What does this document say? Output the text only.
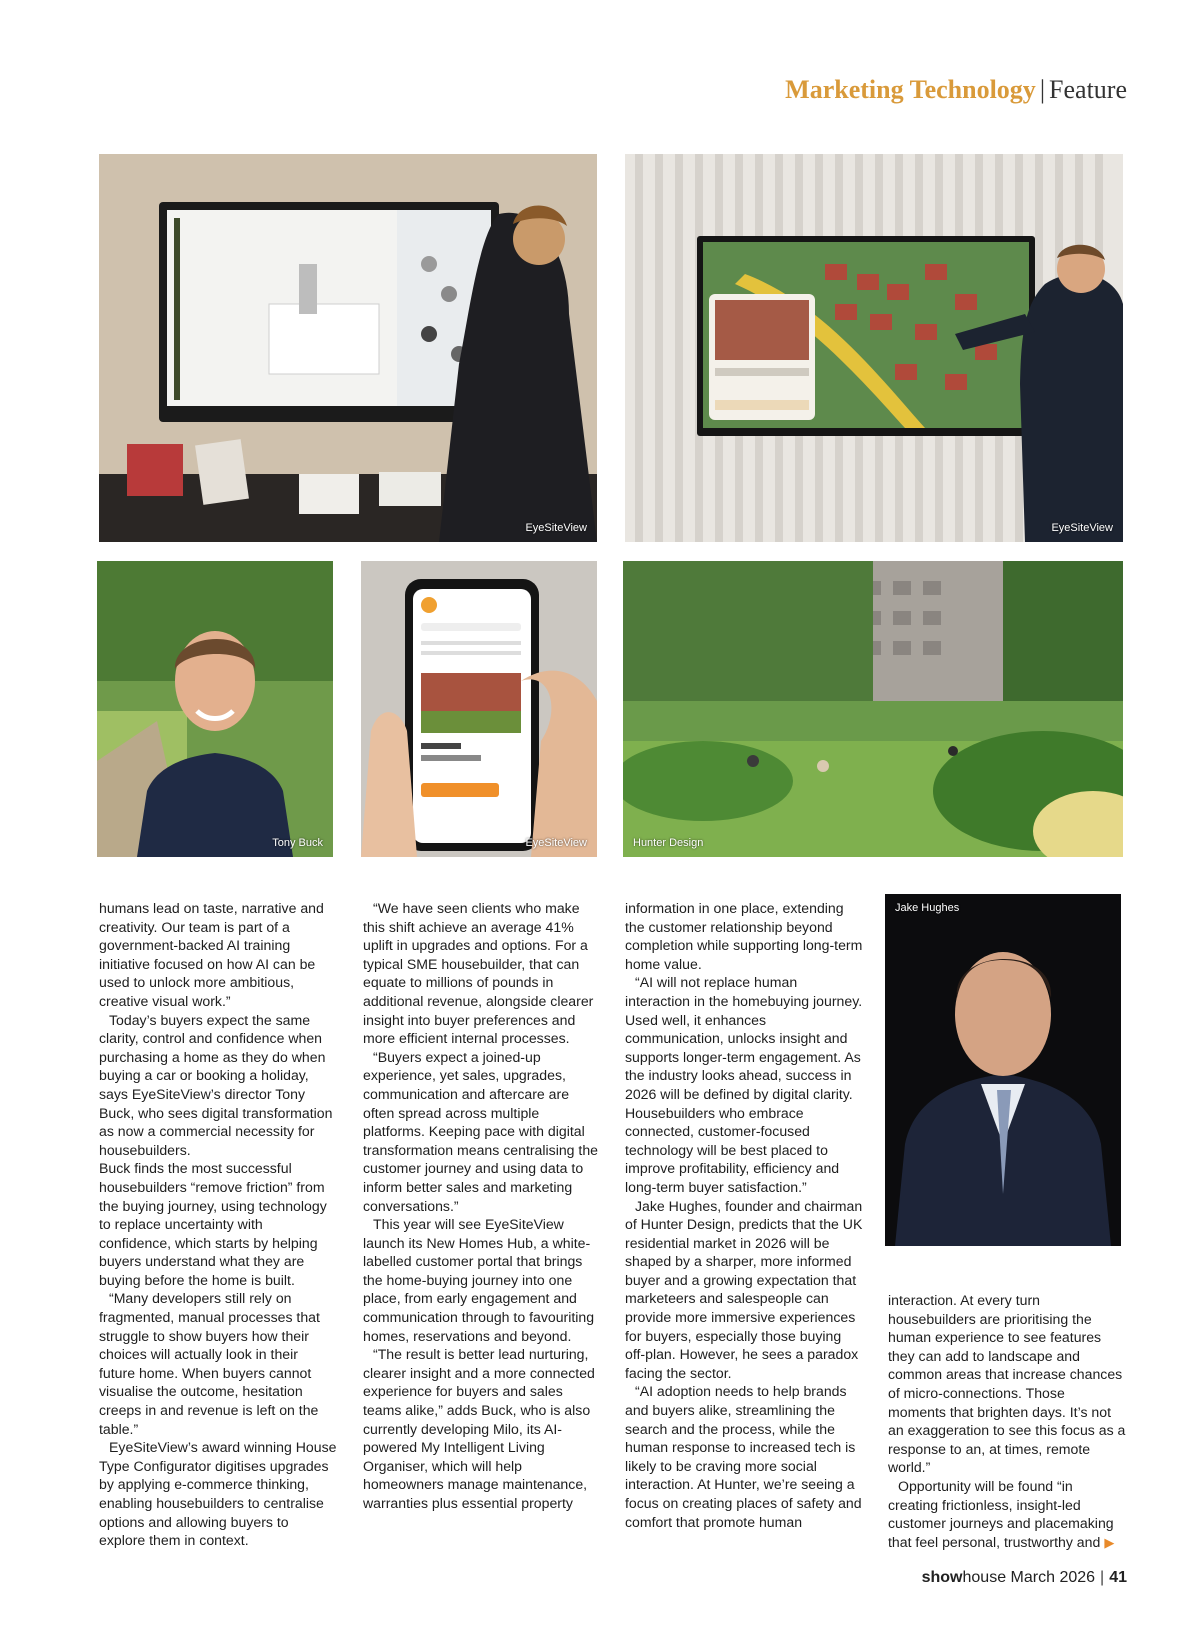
Marketing Technology | Feature
EyeSiteView	EyeSiteView
Tony Buck	EyeSiteView	Hunter Design
Jake Hughes

humans lead on taste, narrative and creativity. Our team is part of a government-backed AI training initiative focused on how AI can be used to unlock more ambitious, creative visual work.”

Today’s buyers expect the same clarity, control and confidence when purchasing a home as they do when buying a car or booking a holiday, says EyeSiteView’s director Tony Buck, who sees digital transformation as now a commercial necessity for housebuilders.

Buck finds the most successful housebuilders “remove friction” from the buying journey, using technology to replace uncertainty with confidence, which starts by helping buyers understand what they are buying before the home is built.

“Many developers still rely on fragmented, manual processes that struggle to show buyers how their choices will actually look in their future home. When buyers cannot visualise the outcome, hesitation creeps in and revenue is left on the table.”

EyeSiteView’s award winning House Type Configurator digitises upgrades by applying e-commerce thinking, enabling housebuilders to centralise options and allowing buyers to explore them in context.

“We have seen clients who make this shift achieve an average 41% uplift in upgrades and options. For a typical SME housebuilder, that can equate to millions of pounds in additional revenue, alongside clearer insight into buyer preferences and more efficient internal processes.

“Buyers expect a joined-up experience, yet sales, upgrades, communication and aftercare are often spread across multiple platforms. Keeping pace with digital transformation means centralising the customer journey and using data to inform better sales and marketing conversations.”

This year will see EyeSiteView launch its New Homes Hub, a white-labelled customer portal that brings the home-buying journey into one place, from early engagement and communication through to favouriting homes, reservations and beyond.

“The result is better lead nurturing, clearer insight and a more connected experience for buyers and sales teams alike,” adds Buck, who is also currently developing Milo, its AI-powered My Intelligent Living Organiser, which will help homeowners manage maintenance, warranties plus essential property

information in one place, extending the customer relationship beyond completion while supporting long-term home value.

“AI will not replace human interaction in the homebuying journey. Used well, it enhances communication, unlocks insight and supports longer-term engagement. As the industry looks ahead, success in 2026 will be defined by digital clarity. Housebuilders who embrace connected, customer-focused technology will be best placed to improve profitability, efficiency and long-term buyer satisfaction.”

Jake Hughes, founder and chairman of Hunter Design, predicts that the UK residential market in 2026 will be shaped by a sharper, more informed buyer and a growing expectation that marketeers and salespeople can provide more immersive experiences for buyers, especially those buying off-plan. However, he sees a paradox facing the sector.

“AI adoption needs to help brands and buyers alike, streamlining the search and the process, while the human response to increased tech is likely to be craving more social interaction. At Hunter, we’re seeing a focus on creating places of safety and comfort that promote human

interaction. At every turn housebuilders are prioritising the human experience to see features they can add to landscape and common areas that increase chances of micro-connections. Those moments that brighten days. It’s not an exaggeration to see this focus as a response to an, at times, remote world.”

Opportunity will be found “in creating frictionless, insight-led customer journeys and placemaking that feel personal, trustworthy and ▶

showhouse March 2026 | 41
